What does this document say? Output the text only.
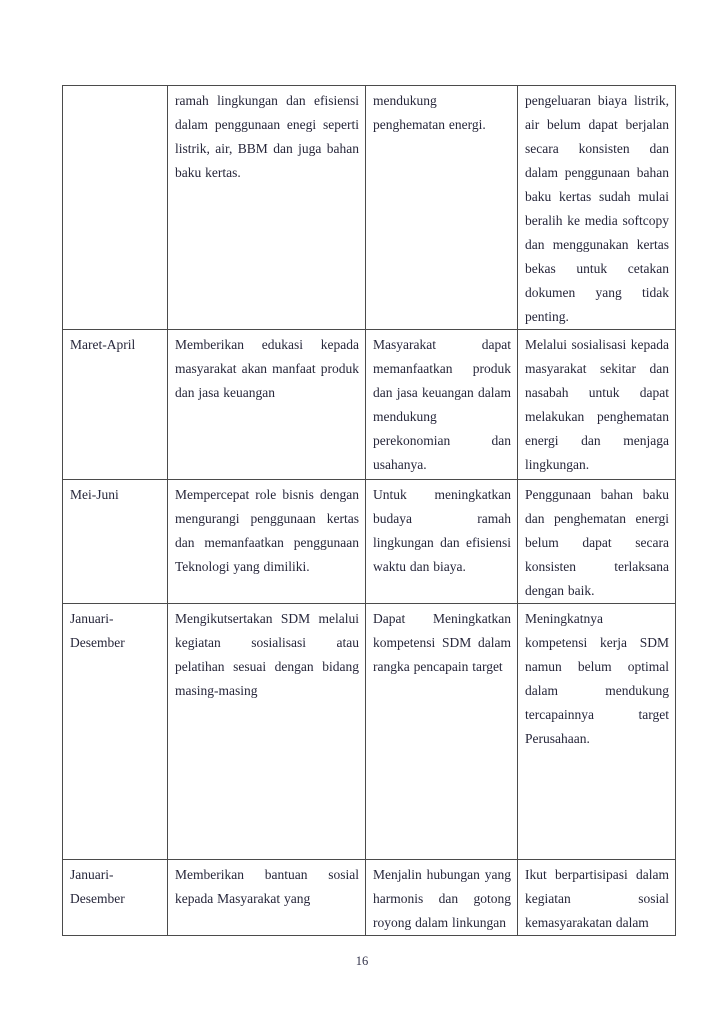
	ramah lingkungan dan efisiensi dalam penggunaan enegi seperti listrik, air, BBM dan juga bahan baku kertas.	mendukung penghematan energi.	pengeluaran biaya listrik, air belum dapat berjalan secara konsisten dan dalam penggunaan bahan baku kertas sudah mulai beralih ke media softcopy dan menggunakan kertas bekas untuk cetakan dokumen yang tidak penting.
Maret-April	Memberikan edukasi kepada masyarakat akan manfaat produk dan jasa keuangan	Masyarakat dapat memanfaatkan produk dan jasa keuangan dalam mendukung perekonomian dan usahanya.	Melalui sosialisasi kepada masyarakat sekitar dan nasabah untuk dapat melakukan penghematan energi dan menjaga lingkungan.
Mei-Juni	Mempercepat role bisnis dengan mengurangi penggunaan kertas dan memanfaatkan penggunaan Teknologi yang dimiliki.	Untuk meningkatkan budaya ramah lingkungan dan efisiensi waktu dan biaya.	Penggunaan bahan baku dan penghematan energi belum dapat secara konsisten terlaksana dengan baik.
Januari-Desember	Mengikutsertakan SDM melalui kegiatan sosialisasi atau pelatihan sesuai dengan bidang masing-masing	Dapat Meningkatkan kompetensi SDM dalam rangka pencapain target	Meningkatnya kompetensi kerja SDM namun belum optimal dalam mendukung tercapainnya target Perusahaan.
Januari-Desember	Memberikan bantuan sosial kepada Masyarakat yang	Menjalin hubungan yang harmonis dan gotong royong dalam linkungan	Ikut berpartisipasi dalam kegiatan sosial kemasyarakatan dalam
16
